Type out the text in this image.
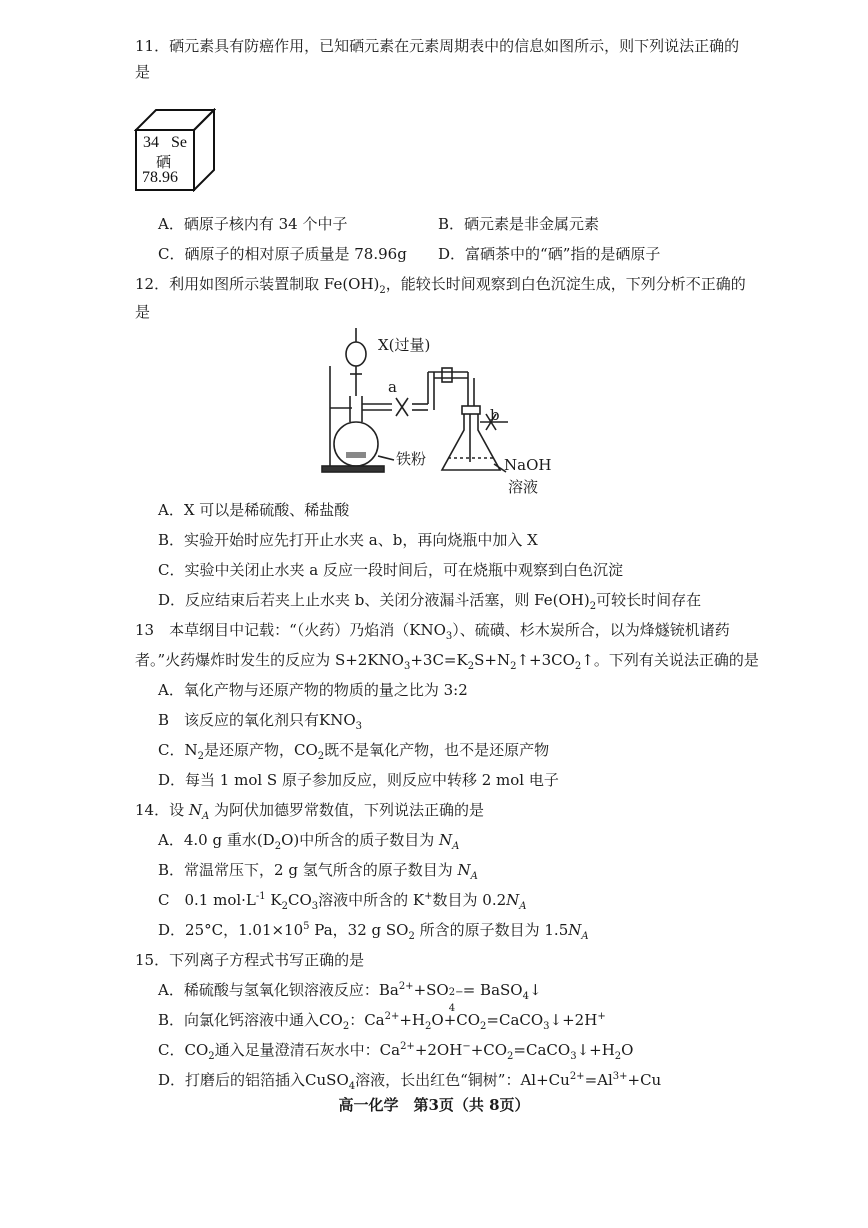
11．硒元素具有防癌作用，已知硒元素在元素周期表中的信息如图所示，则下列说法正确的
是
34 Se
硒
78.96
A．硒原子核内有 34 个中子	B．硒元素是非金属元素
C．硒原子的相对原子质量是 78.96g D．富硒茶中的“硒”指的是硒原子
12．利用如图所示装置制取 $Fe(OH)_2$，能较长时间观察到白色沉淀生成，下列分析不正确的
是
X(过量)
a
b
铁粉	NaOH
溶液
A．X 可以是稀硫酸、稀盐酸
B．实验开始时应先打开止水夹 a、b，再向烧瓶中加入 X
C．实验中关闭止水夹 a 反应一段时间后，可在烧瓶中观察到白色沉淀
D．反应结束后若夹上止水夹 b、关闭分液漏斗活塞，则 $Fe(OH)_2$可较长时间存在
13　本草纲目中记载：“（火药）乃焰消$(KNO_3)$、硫磺、杉木炭所合，以为烽燧铳机诸药
者。”火药爆炸时发生的反应为 $S+2KNO_3+3C=K_2S+N_2↑+3CO_2↑$。下列有关说法正确的是
A．氧化产物与还原产物的物质的量之比为 3:2
B　该反应的氧化剂只有$KNO_3$
C．$N_2$是还原产物，$CO_2$既不是氧化产物，也不是还原产物
D．每当 1 mol S 原子参加反应，则反应中转移 2 mol 电子
14．设 $N_A$ 为阿伏加德罗常数值，下列说法正确的是
A．4.0 g 重水$(D_2O)$中所含的质子数目为 $N_A$
B．常温常压下，2 g 氢气所含的原子数目为 $N_A$
C　0.1 $mol\cdot L^{-1}$ $K_2CO_3$溶液中所含的 K+数目为 $0.2N_A$
D．25°C，$1.01\times 10^5$ Pa，32 g $SO_2$ 所含的原子数目为 $1.5N_A$
15．下列离子方程式书写正确的是
A．稀硫酸与氢氧化钡溶液反应：$Ba^{2+}+SO$ 2−
4
= BaSO$_4$↓
B．向氯化钙溶液中通入$CO_2$：$Ca^{2+}+H_2O+CO_2=CaCO_3↓+2H^+$
C．$CO_2$通入足量澄清石灰水中：$Ca^{2+}+2OH^-+CO_2=CaCO_3↓+H_2O$
D．打磨后的铝箔插入CuSO$_4$溶液，长出红色“铜树”：$Al+Cu^{2+}=Al^{3+}+Cu$
高一化学　第3页（共 8页）
